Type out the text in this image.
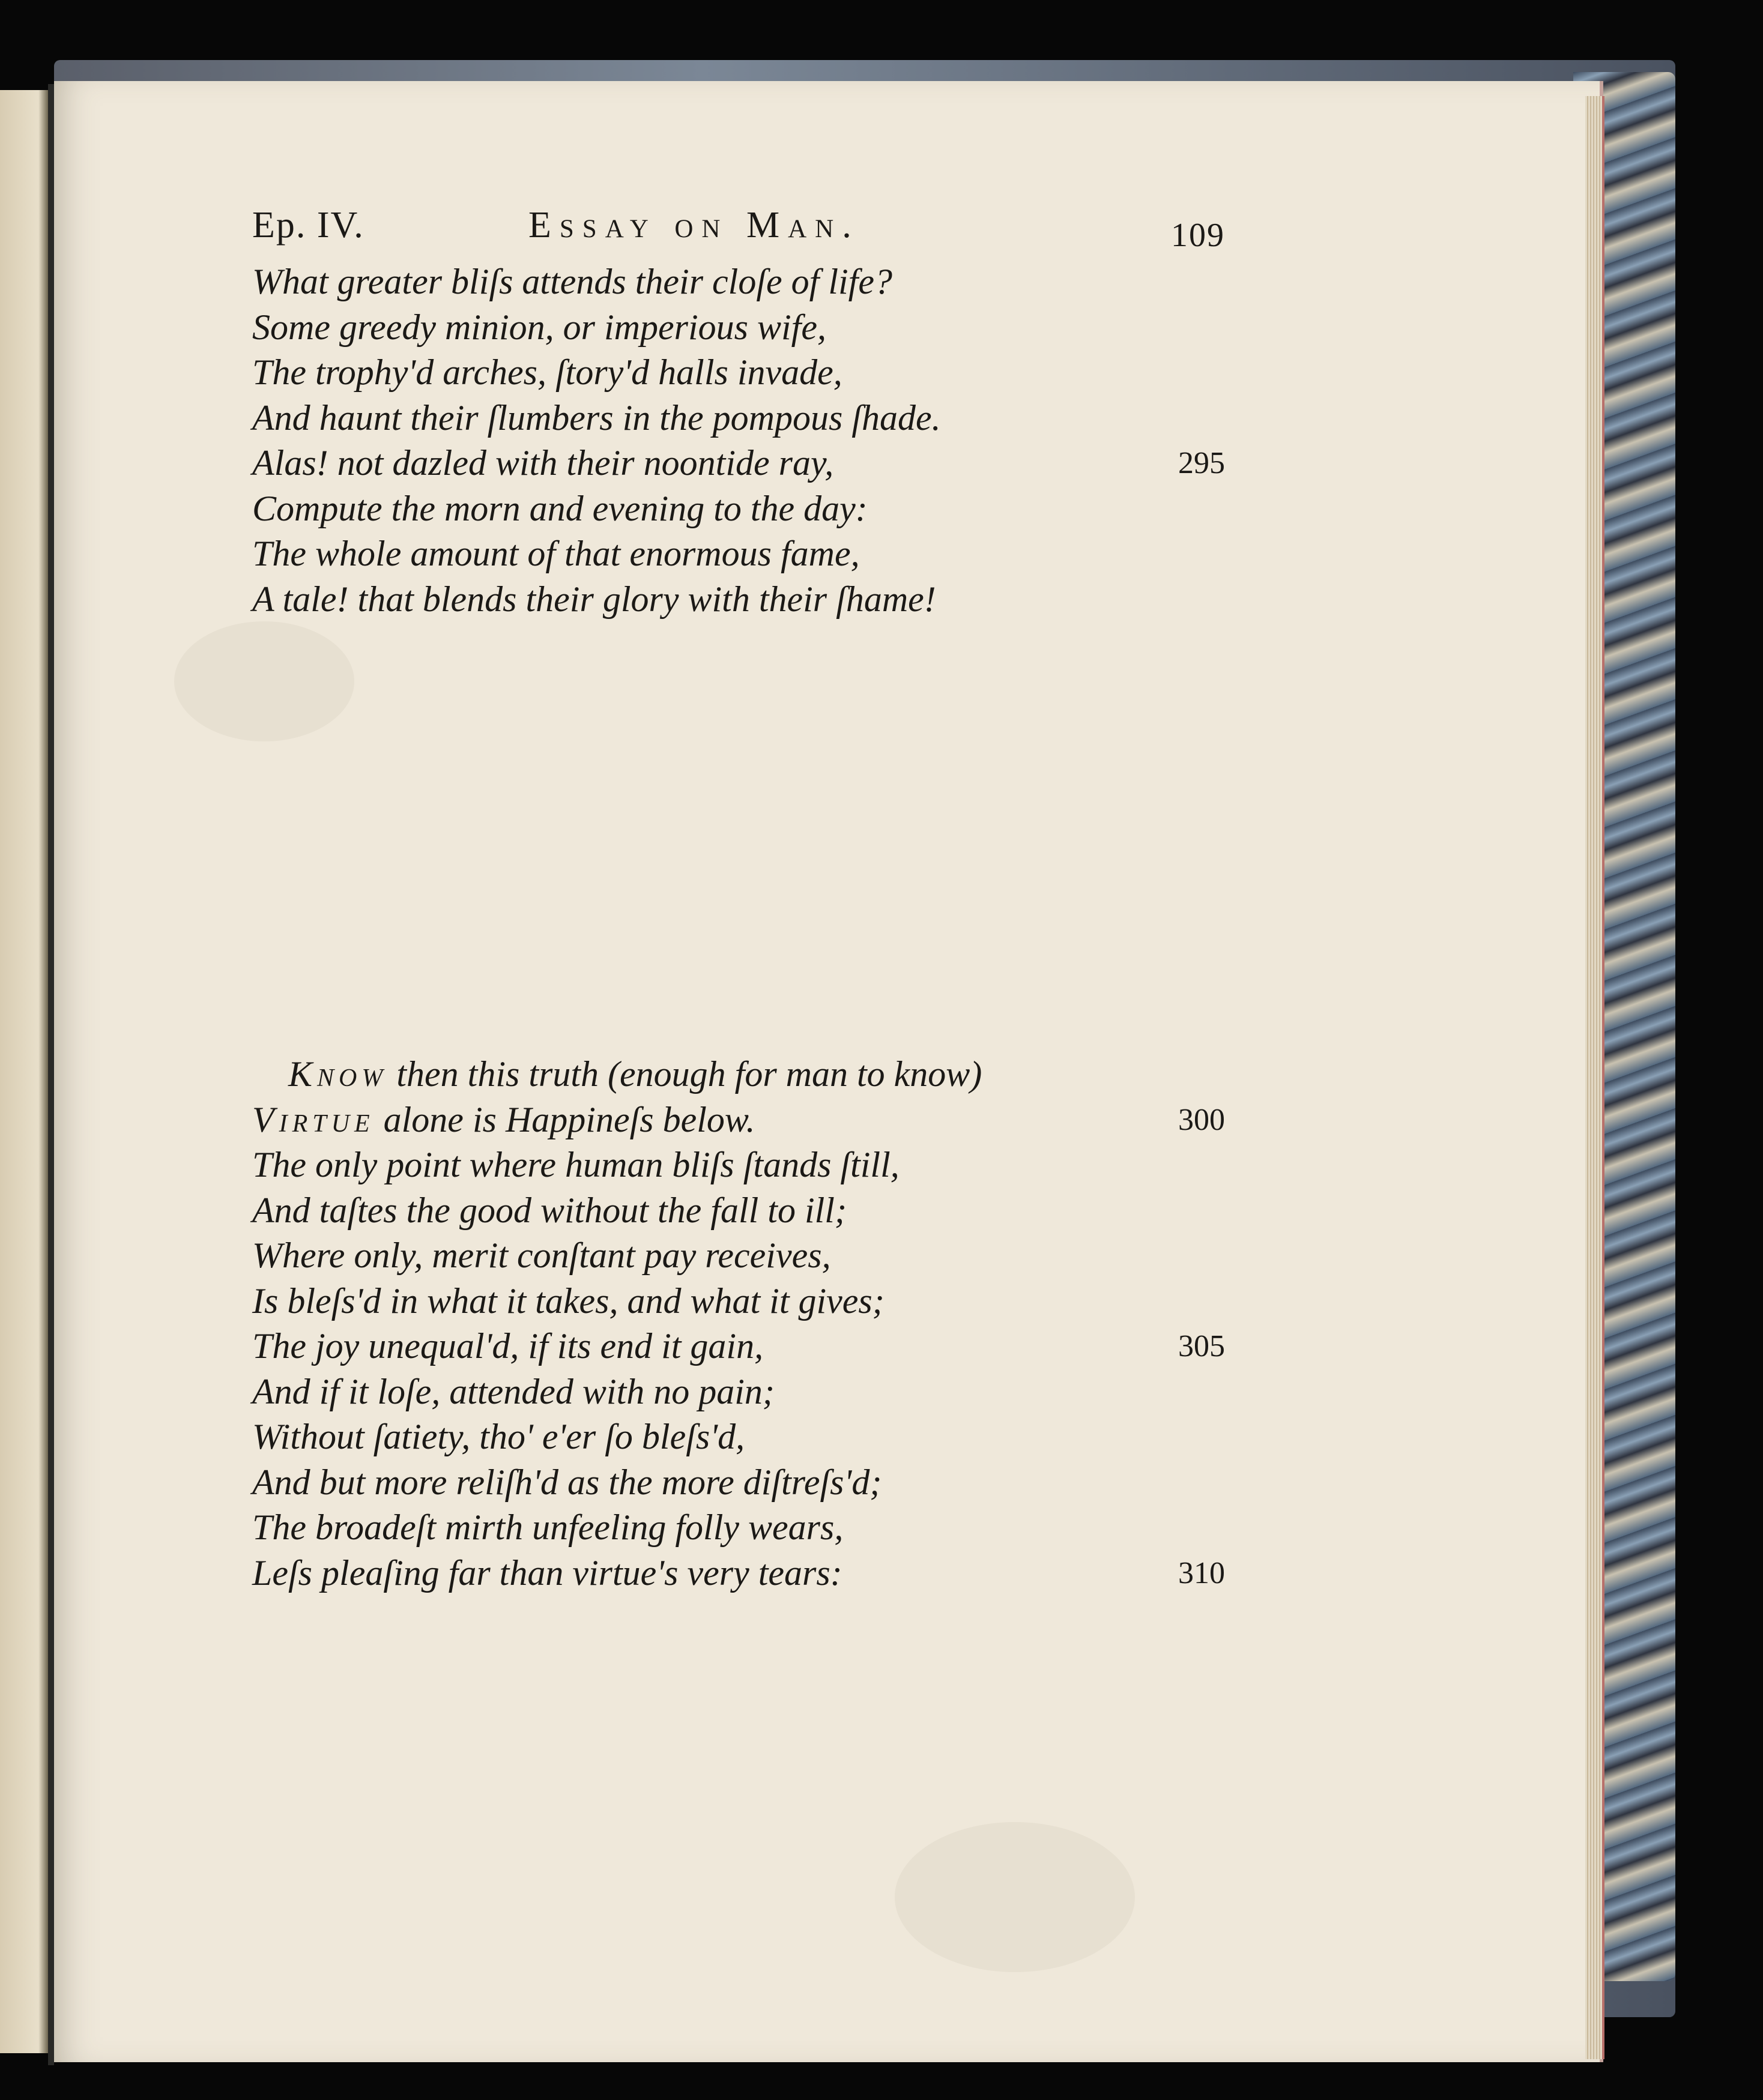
Ep. IV.	Essay on Man.	109
What greater bliſs attends their cloſe of life?
Some greedy minion, or imperious wife,
The trophy'd arches, ſtory'd halls invade,
And haunt their ſlumbers in the pompous ſhade.
Alas! not dazled with their noontide ray,	295
Compute the morn and evening to the day:
The whole amount of that enormous fame,
A tale! that blends their glory with their ſhame!
Know then this truth (enough for man to know)
Virtue alone is Happineſs below.	300
The only point where human bliſs ſtands ſtill,
And taſtes the good without the fall to ill;
Where only, merit conſtant pay receives,
Is bleſs'd in what it takes, and what it gives;
The joy unequal'd, if its end it gain,	305
And if it loſe, attended with no pain;
Without ſatiety, tho' e'er ſo bleſs'd,
And but more reliſh'd as the more diſtreſs'd;
The broadeſt mirth unfeeling folly wears,
Leſs pleaſing far than virtue's very tears:	310
